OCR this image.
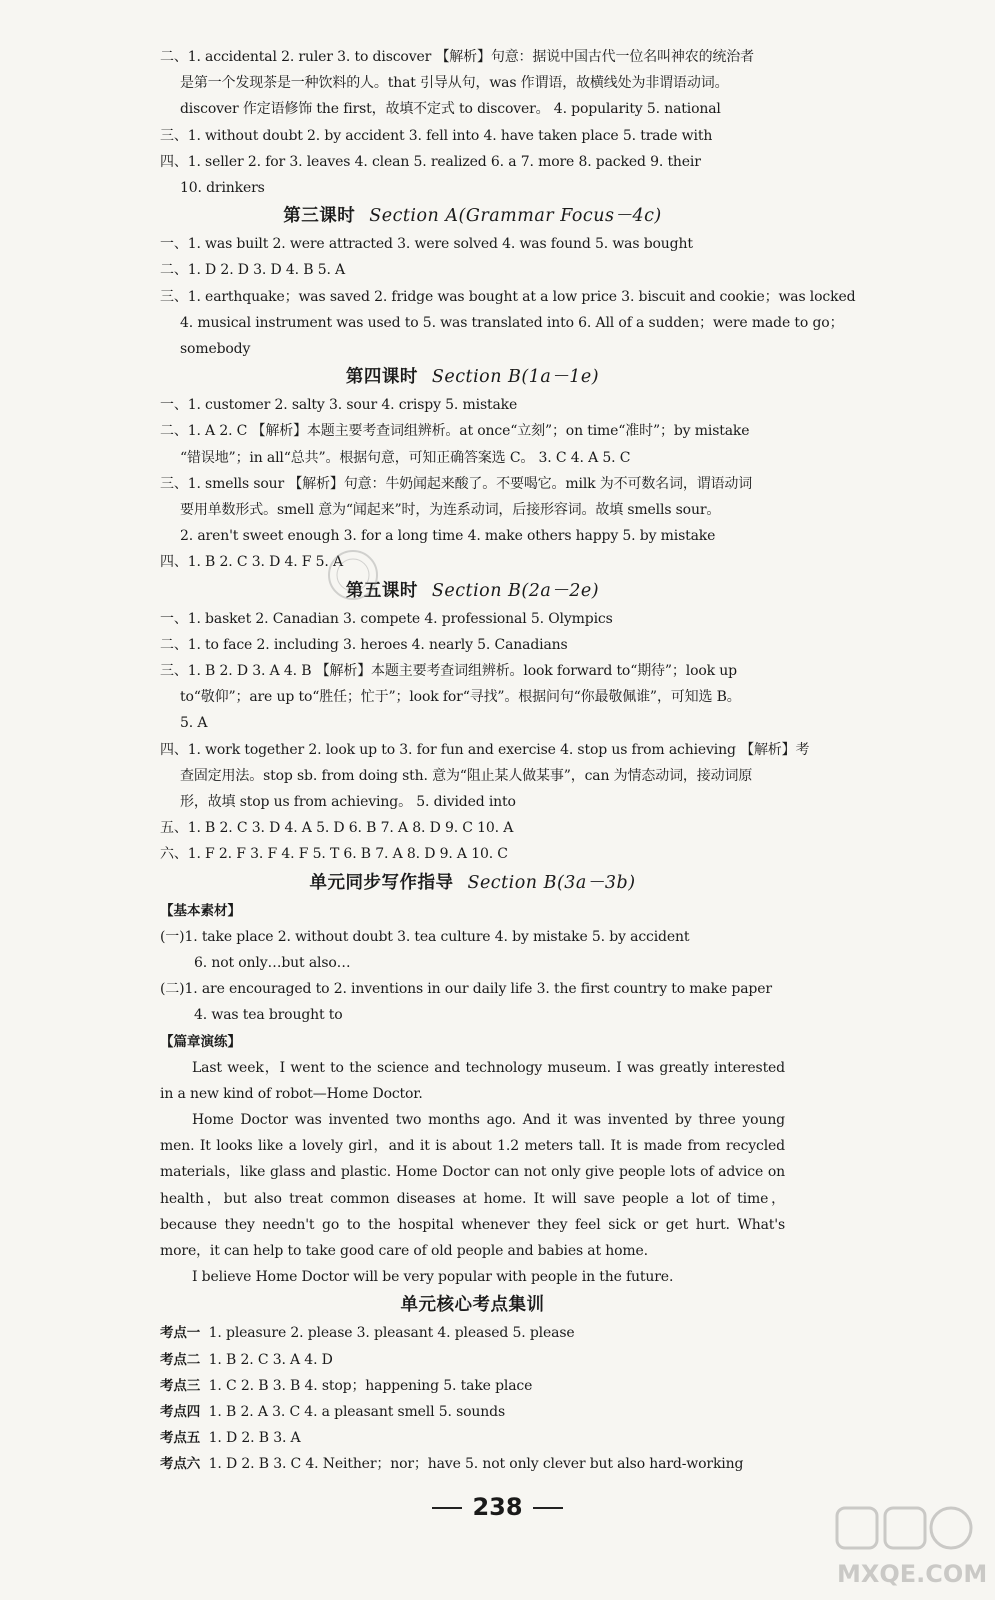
二、1. accidental 2. ruler 3. to discover 【解析】句意：据说中国古代一位名叫神农的统治者
是第一个发现茶是一种饮料的人。that 引导从句，was 作谓语，故横线处为非谓语动词。
discover 作定语修饰 the first，故填不定式 to discover。 4. popularity 5. national
三、1. without doubt 2. by accident 3. fell into 4. have taken place 5. trade with
四、1. seller 2. for 3. leaves 4. clean 5. realized 6. a 7. more 8. packed 9. their
10. drinkers
第三课时 Section A(Grammar Focus－4c)
一、1. was built 2. were attracted 3. were solved 4. was found 5. was bought
二、1. D 2. D 3. D 4. B 5. A
三、1. earthquake；was saved 2. fridge was bought at a low price 3. biscuit and cookie；was locked
4. musical instrument was used to 5. was translated into 6. All of a sudden；were made to go；
somebody
第四课时 Section B(1a－1e)
一、1. customer 2. salty 3. sour 4. crispy 5. mistake
二、1. A 2. C 【解析】本题主要考查词组辨析。at once“立刻”；on time“准时”；by mistake
“错误地”；in all“总共”。根据句意，可知正确答案选 C。 3. C 4. A 5. C
三、1. smells sour 【解析】句意：牛奶闻起来酸了。不要喝它。milk 为不可数名词，谓语动词
要用单数形式。smell 意为“闻起来”时，为连系动词，后接形容词。故填 smells sour。
2. aren't sweet enough 3. for a long time 4. make others happy 5. by mistake
四、1. B 2. C 3. D 4. F 5. A
第五课时 Section B(2a－2e)
一、1. basket 2. Canadian 3. compete 4. professional 5. Olympics
二、1. to face 2. including 3. heroes 4. nearly 5. Canadians
三、1. B 2. D 3. A 4. B 【解析】本题主要考查词组辨析。look forward to“期待”；look up
to“敬仰”；are up to“胜任；忙于”；look for“寻找”。根据问句“你最敬佩谁”，可知选 B。
5. A
四、1. work together 2. look up to 3. for fun and exercise 4. stop us from achieving 【解析】考
查固定用法。stop sb. from doing sth. 意为“阻止某人做某事”，can 为情态动词，接动词原
形，故填 stop us from achieving。 5. divided into
五、1. B 2. C 3. D 4. A 5. D 6. B 7. A 8. D 9. C 10. A
六、1. F 2. F 3. F 4. F 5. T 6. B 7. A 8. D 9. A 10. C
单元同步写作指导 Section B(3a－3b)
【基本素材】
(一)1. take place 2. without doubt 3. tea culture 4. by mistake 5. by accident
6. not only…but also…
(二)1. are encouraged to 2. inventions in our daily life 3. the first country to make paper
4. was tea brought to
【篇章演练】
Last week，I went to the science and technology museum. I was greatly interested in a new kind of robot—Home Doctor.
Home Doctor was invented two months ago. And it was invented by three young men. It looks like a lovely girl，and it is about 1.2 meters tall. It is made from recycled materials，like glass and plastic. Home Doctor can not only give people lots of advice on health，but also treat common diseases at home. It will save people a lot of time，because they needn't go to the hospital whenever they feel sick or get hurt. What's more，it can help to take good care of old people and babies at home.
I believe Home Doctor will be very popular with people in the future.
单元核心考点集训
考点一 1. pleasure 2. please 3. pleasant 4. pleased 5. please
考点二 1. B 2. C 3. A 4. D
考点三 1. C 2. B 3. B 4. stop；happening 5. take place
考点四 1. B 2. A 3. C 4. a pleasant smell 5. sounds
考点五 1. D 2. B 3. A
考点六 1. D 2. B 3. C 4. Neither；nor；have 5. not only clever but also hard-working
238
MXQE.COM
